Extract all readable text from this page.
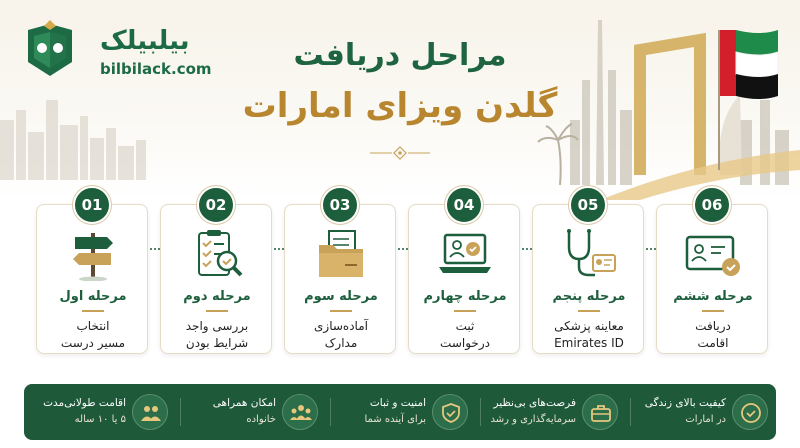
بیلبیلک
bilbilack.com	مراحل دریافت
گلدن ویزای امارات
مرحله اول
انتخاب
مسیر درست
01
مرحله دوم
بررسی واجد
شرایط بودن
02
مرحله سوم
آماده‌سازی
مدارک
03
مرحله چهارم
ثبت
درخواست
04
مرحله پنجم
معاینه پزشکی
Emirates ID
05
مرحله ششم
دریافت
اقامت
06
کیفیت بالای زندگی
در امارات
فرصت‌های بی‌نظیر
سرمایه‌گذاری و رشد
امنیت و ثبات
برای آینده شما
امکان همراهی
خانواده
اقامت طولانی‌مدت
۵ یا ۱۰ ساله
